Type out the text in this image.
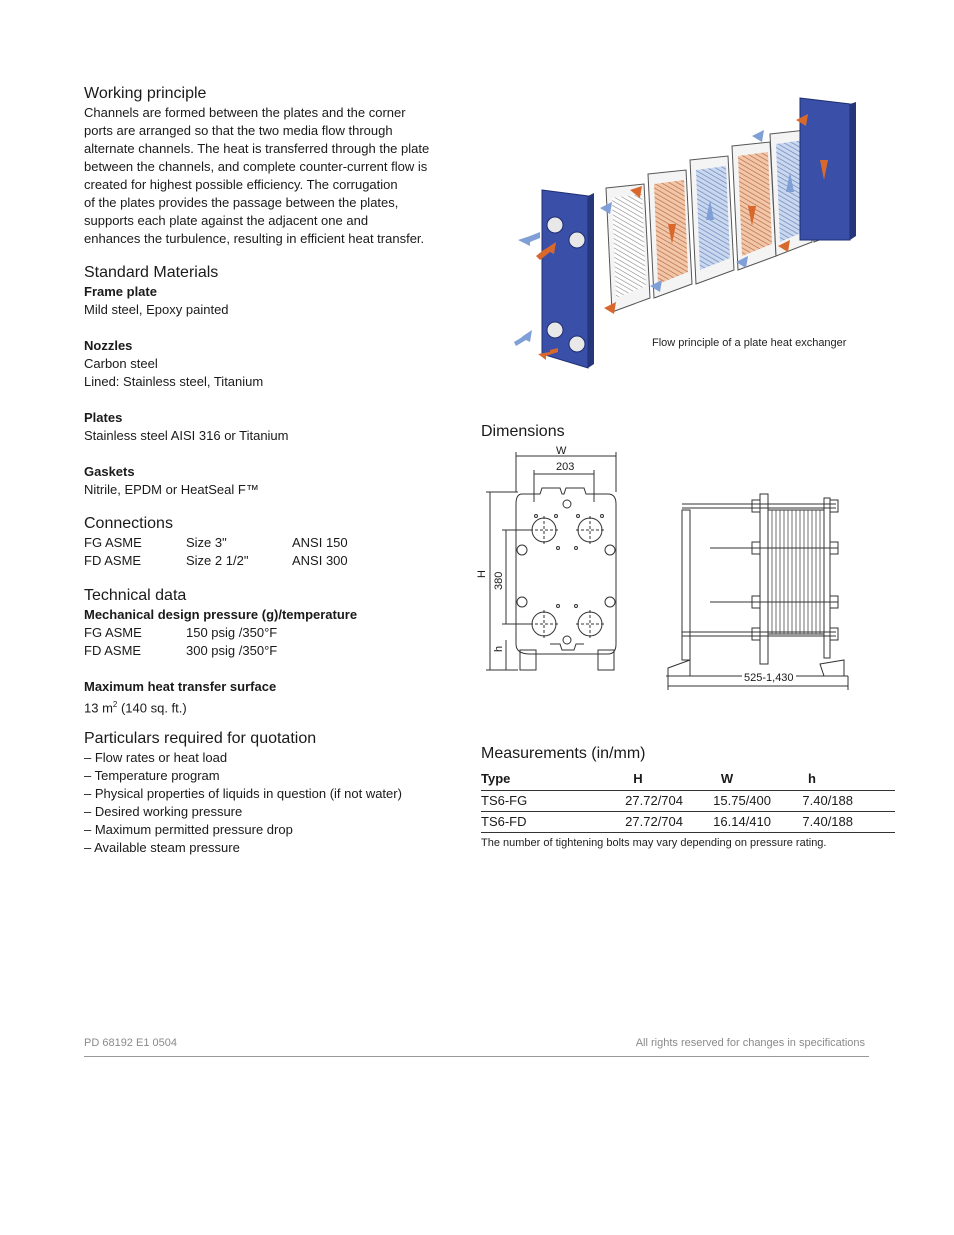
Working principle

Channels are formed between the plates and the corner

ports are arranged so that the two media flow through

alternate channels. The heat is transferred through the plate

between the channels, and complete counter-current flow is

created for highest possible efficiency. The corrugation

of the plates provides the passage between the plates,

supports each plate against the adjacent one and

enhances the turbulence, resulting in efficient heat transfer.

Standard Materials
Frame plate
Mild steel, Epoxy painted
Nozzles
Carbon steel
Lined: Stainless steel, Titanium
Plates
Stainless steel AISI 316 or Titanium
Gaskets
Nitrile, EPDM or HeatSeal F™
Connections
FG ASME	Size 3"	ANSI 150
FD ASME	Size 2 1/2"	ANSI 300
Technical data
Mechanical design pressure (g)/temperature
FG ASME	150 psig /350°F
FD ASME	300 psig /350°F
Maximum heat transfer surface
13 $m^2$ (140 sq. ft.)
Particulars required for quotation
– Flow rates or heat load
– Temperature program
– Physical properties of liquids in question (if not water)
– Desired working pressure
– Maximum permitted pressure drop
– Available steam pressure
Flow principle of a plate heat exchanger
Dimensions
W
203
H 380
h
525-1,430
Measurements (in/mm)
Type	H	W	h	
TS6-FG	27.72/704	15.75/400	7.40/188	
TS6-FD	27.72/704	16.14/410	7.40/188	
The number of tightening bolts may vary depending on pressure rating.
PD 68192 E1 0504	All rights reserved for changes in specifications
